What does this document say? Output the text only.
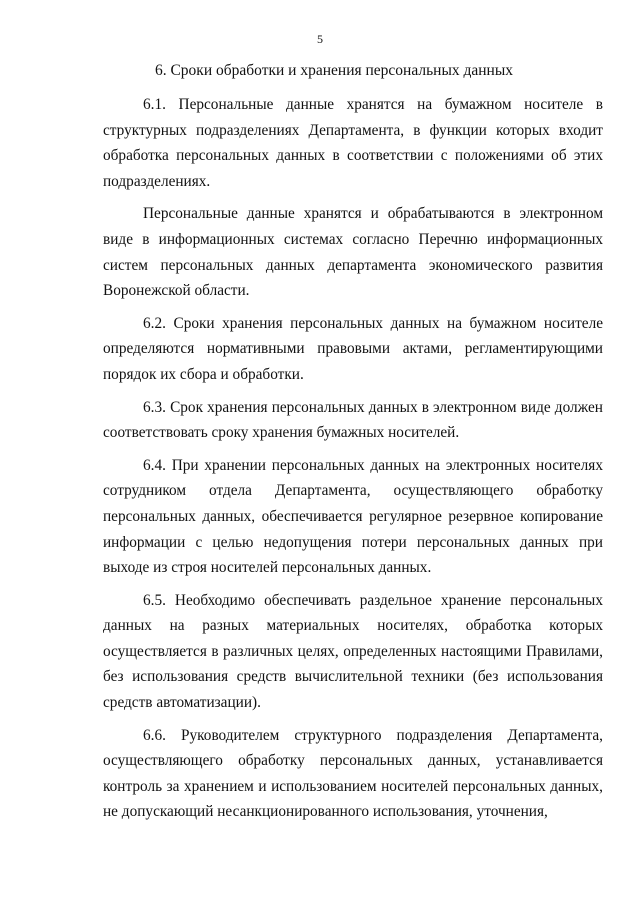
5
6. Сроки обработки и хранения персональных данных

6.1. Персональные данные хранятся на бумажном носителе в структурных подразделениях Департамента, в функции которых входит обработка персональных данных в соответствии с положениями об этих подразделениях.

Персональные данные хранятся и обрабатываются в электронном виде в информационных системах согласно Перечню информационных систем персональных данных департамента экономического развития Воронежской области.

6.2. Сроки хранения персональных данных на бумажном носителе определяются нормативными правовыми актами, регламентирующими порядок их сбора и обработки.

6.3. Срок хранения персональных данных в электронном виде должен соответствовать сроку хранения бумажных носителей.

6.4. При хранении персональных данных на электронных носителях сотрудником отдела Департамента, осуществляющего обработку персональных данных, обеспечивается регулярное резервное копирование информации с целью недопущения потери персональных данных при выходе из строя носителей персональных данных.

6.5. Необходимо обеспечивать раздельное хранение персональных данных на разных материальных носителях, обработка которых осуществляется в различных целях, определенных настоящими Правилами, без использования средств вычислительной техники (без использования средств автоматизации).

6.6. Руководителем структурного подразделения Департамента, осуществляющего обработку персональных данных, устанавливается контроль за хранением и использованием носителей персональных данных, не допускающий несанкционированного использования, уточнения,
